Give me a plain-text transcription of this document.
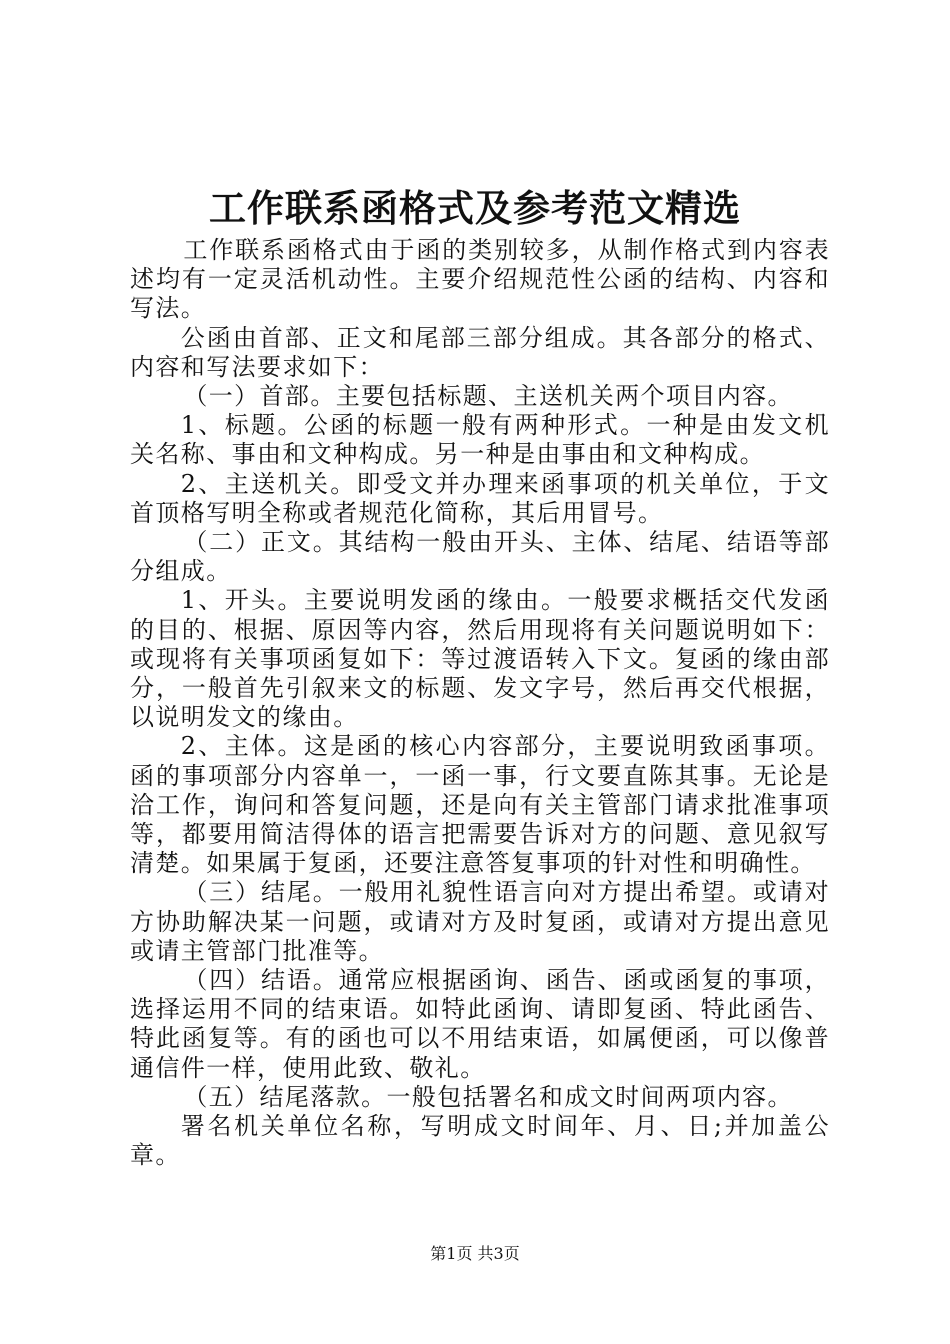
工作联系函格式及参考范文精选

工作联系函格式由于函的类别较多，从制作格式到内容表述均有一定灵活机动性。主要介绍规范性公函的结构、内容和写法。

公函由首部、正文和尾部三部分组成。其各部分的格式、内容和写法要求如下：

（一）首部。主要包括标题、主送机关两个项目内容。

1、标题。公函的标题一般有两种形式。一种是由发文机关名称、事由和文种构成。另一种是由事由和文种构成。

2、主送机关。即受文并办理来函事项的机关单位，于文首顶格写明全称或者规范化简称，其后用冒号。

（二）正文。其结构一般由开头、主体、结尾、结语等部分组成。

1、开头。主要说明发函的缘由。一般要求概括交代发函的目的、根据、原因等内容，然后用现将有关问题说明如下：或现将有关事项函复如下：等过渡语转入下文。复函的缘由部分，一般首先引叙来文的标题、发文字号，然后再交代根据，以说明发文的缘由。

2、主体。这是函的核心内容部分，主要说明致函事项。函的事项部分内容单一，一函一事，行文要直陈其事。无论是洽工作，询问和答复问题，还是向有关主管部门请求批准事项等，都要用简洁得体的语言把需要告诉对方的问题、意见叙写清楚。如果属于复函，还要注意答复事项的针对性和明确性。

（三）结尾。一般用礼貌性语言向对方提出希望。或请对方协助解决某一问题，或请对方及时复函，或请对方提出意见或请主管部门批准等。

（四）结语。通常应根据函询、函告、函或函复的事项，选择运用不同的结束语。如特此函询、请即复函、特此函告、特此函复等。有的函也可以不用结束语，如属便函，可以像普通信件一样，使用此致、敬礼。

（五）结尾落款。一般包括署名和成文时间两项内容。

署名机关单位名称，写明成文时间年、月、日;并加盖公章。

第1页 共3页
